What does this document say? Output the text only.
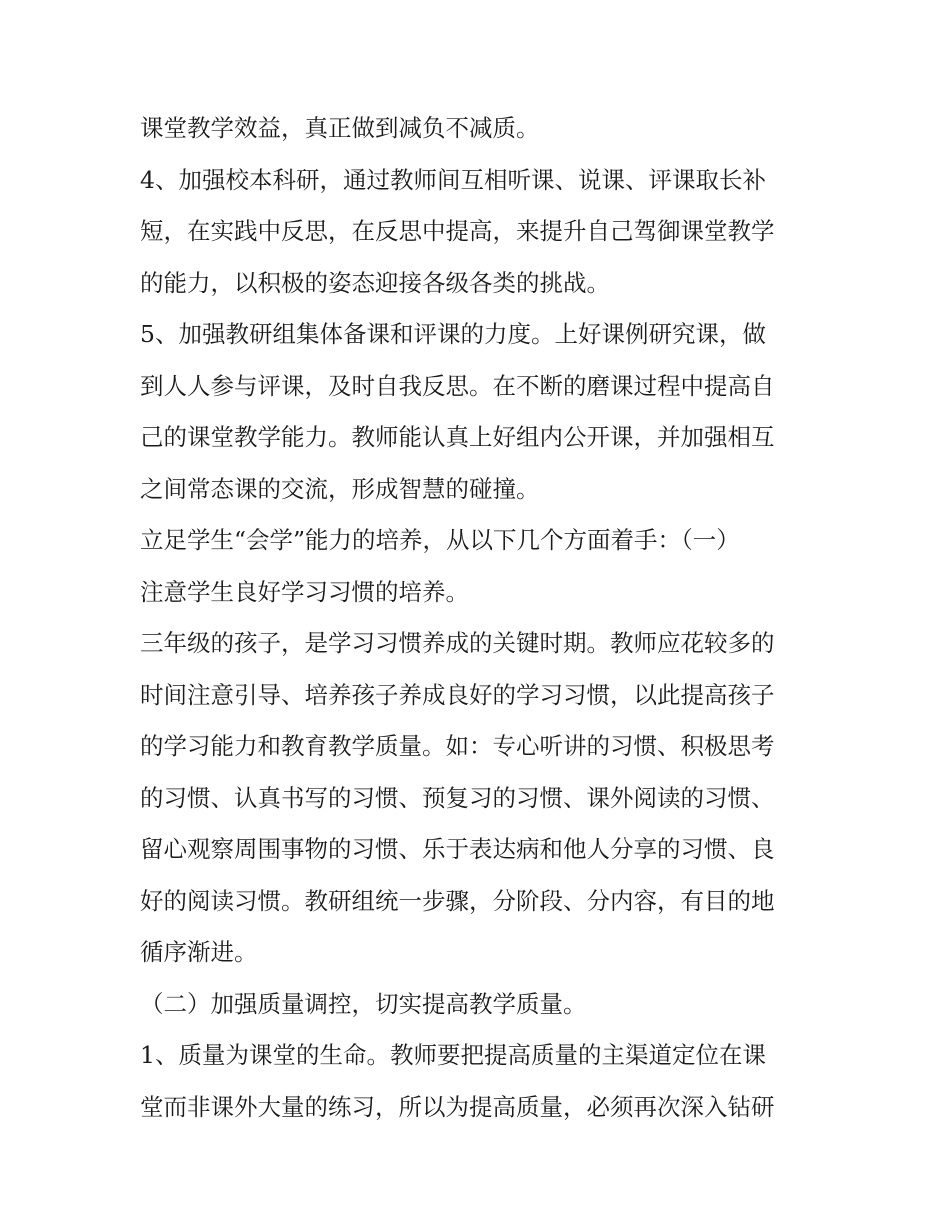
课堂教学效益，真正做到减负不减质。
4、加强校本科研，通过教师间互相听课、说课、评课取长补
短，在实践中反思，在反思中提高，来提升自己驾御课堂教学
的能力，以积极的姿态迎接各级各类的挑战。
5、加强教研组集体备课和评课的力度。上好课例研究课，做
到人人参与评课，及时自我反思。在不断的磨课过程中提高自
己的课堂教学能力。教师能认真上好组内公开课，并加强相互
之间常态课的交流，形成智慧的碰撞。
立足学生“会学”能力的培养，从以下几个方面着手：（一）
注意学生良好学习习惯的培养。
三年级的孩子，是学习习惯养成的关键时期。教师应花较多的
时间注意引导、培养孩子养成良好的学习习惯，以此提高孩子
的学习能力和教育教学质量。如：专心听讲的习惯、积极思考
的习惯、认真书写的习惯、预复习的习惯、课外阅读的习惯、
留心观察周围事物的习惯、乐于表达病和他人分享的习惯、良
好的阅读习惯。教研组统一步骤，分阶段、分内容，有目的地
循序渐进。
（二）加强质量调控，切实提高教学质量。
1、质量为课堂的生命。教师要把提高质量的主渠道定位在课
堂而非课外大量的练习，所以为提高质量，必须再次深入钻研
